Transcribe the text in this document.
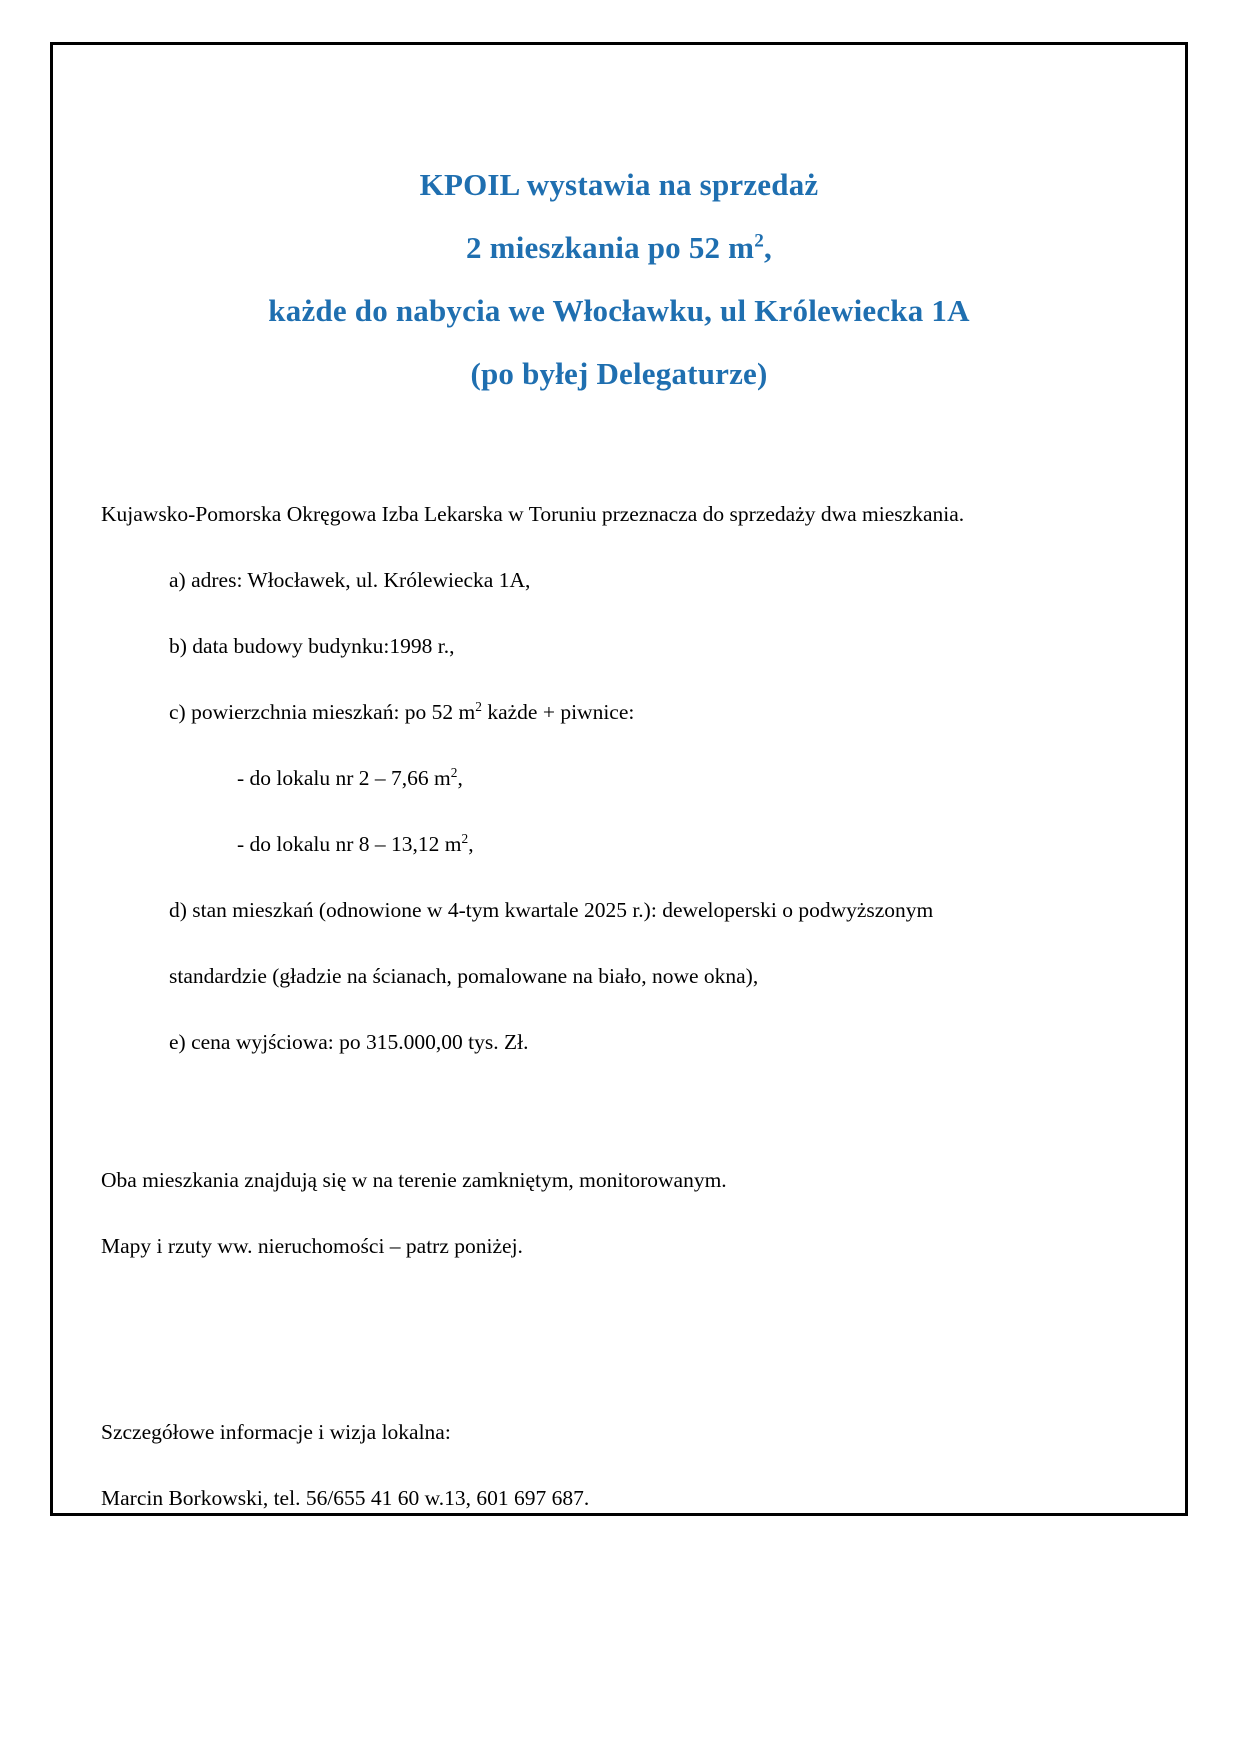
KPOIL wystawia na sprzedaż
2 mieszkania po 52 $m^2$,
każde do nabycia we Włocławku, ul Królewiecka 1A
(po byłej Delegaturze)

Kujawsko-Pomorska Okręgowa Izba Lekarska w Toruniu przeznacza do sprzedaży dwa mieszkania.

a) adres: Włocławek, ul. Królewiecka 1A,

b) data budowy budynku:1998 r.,

c) powierzchnia mieszkań: po 52 $m^2$ każde + piwnice:

- do lokalu nr 2 – 7,66 $m^2$,

- do lokalu nr 8 – 13,12 $m^2$,

d) stan mieszkań (odnowione w 4-tym kwartale 2025 r.): deweloperski o podwyższonym

standardzie (gładzie na ścianach, pomalowane na biało, nowe okna),

e) cena wyjściowa: po 315.000,00 tys. Zł.

Oba mieszkania znajdują się w na terenie zamkniętym, monitorowanym.

Mapy i rzuty ww. nieruchomości – patrz poniżej.

Szczegółowe informacje i wizja lokalna:

Marcin Borkowski, tel. 56/655 41 60 w.13, 601 697 687.
